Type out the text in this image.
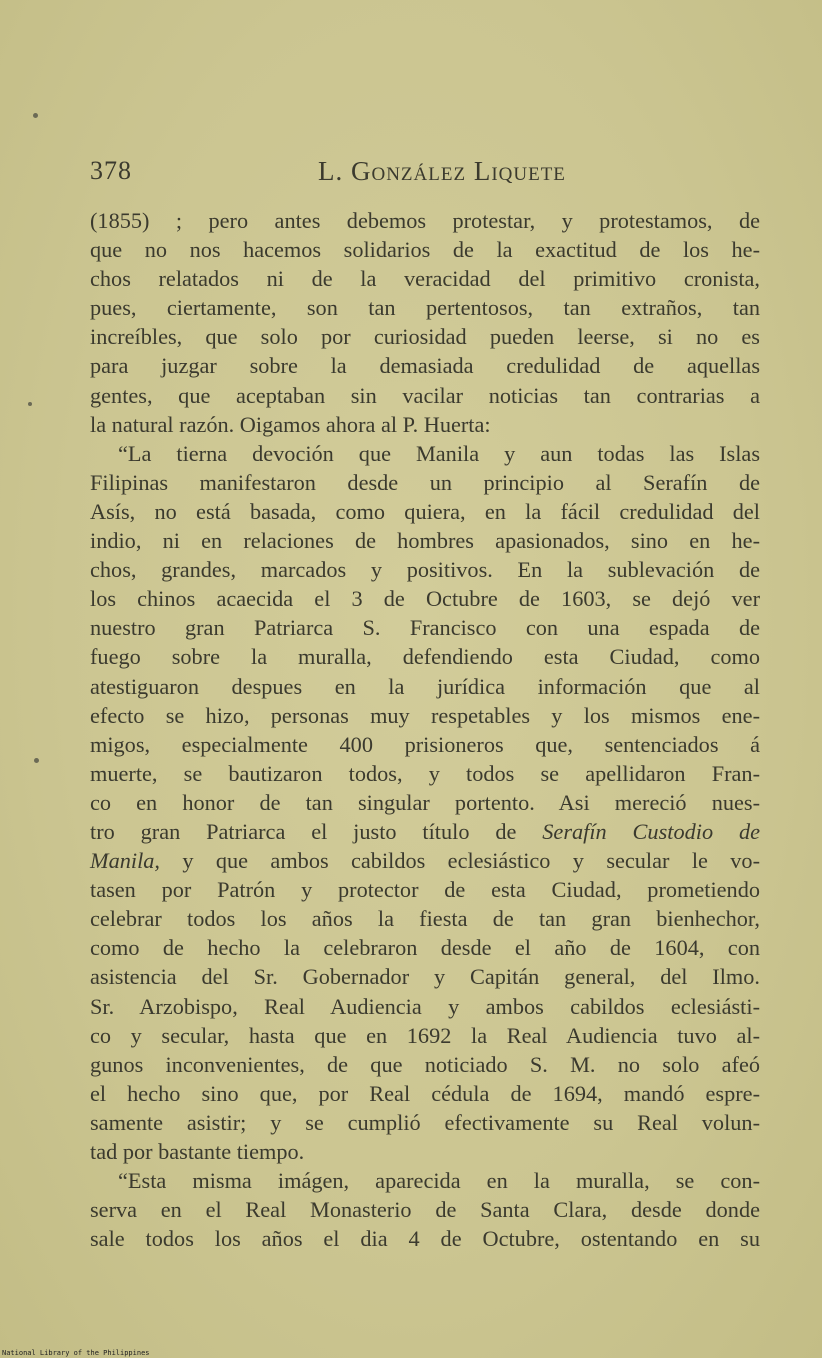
378	L. González Liquete
(1855) ; pero antes debemos protestar, y protestamos, de
que no nos hacemos solidarios de la exactitud de los he-
chos relatados ni de la veracidad del primitivo cronista,
pues, ciertamente, son tan pertentosos, tan extraños, tan
increíbles, que solo por curiosidad pueden leerse, si no es
para juzgar sobre la demasiada credulidad de aquellas
gentes, que aceptaban sin vacilar noticias tan contrarias a
la natural razón. Oigamos ahora al P. Huerta:
“La tierna devoción que Manila y aun todas las Islas
Filipinas manifestaron desde un principio al Serafín de
Asís, no está basada, como quiera, en la fácil credulidad del
indio, ni en relaciones de hombres apasionados, sino en he-
chos, grandes, marcados y positivos. En la sublevación de
los chinos acaecida el 3 de Octubre de 1603, se dejó ver
nuestro gran Patriarca S. Francisco con una espada de
fuego sobre la muralla, defendiendo esta Ciudad, como
atestiguaron despues en la jurídica información que al
efecto se hizo, personas muy respetables y los mismos ene-
migos, especialmente 400 prisioneros que, sentenciados á
muerte, se bautizaron todos, y todos se apellidaron Fran-
co en honor de tan singular portento. Asi mereció nues-
tro gran Patriarca el justo título de Serafín Custodio de
Manila, y que ambos cabildos eclesiástico y secular le vo-
tasen por Patrón y protector de esta Ciudad, prometiendo
celebrar todos los años la fiesta de tan gran bienhechor,
como de hecho la celebraron desde el año de 1604, con
asistencia del Sr. Gobernador y Capitán general, del Ilmo.
Sr. Arzobispo, Real Audiencia y ambos cabildos eclesiásti-
co y secular, hasta que en 1692 la Real Audiencia tuvo al-
gunos inconvenientes, de que noticiado S. M. no solo afeó
el hecho sino que, por Real cédula de 1694, mandó espre-
samente asistir; y se cumplió efectivamente su Real volun-
tad por bastante tiempo.
“Esta misma imágen, aparecida en la muralla, se con-
serva en el Real Monasterio de Santa Clara, desde donde
sale todos los años el dia 4 de Octubre, ostentando en su
National Library of the Philippines
